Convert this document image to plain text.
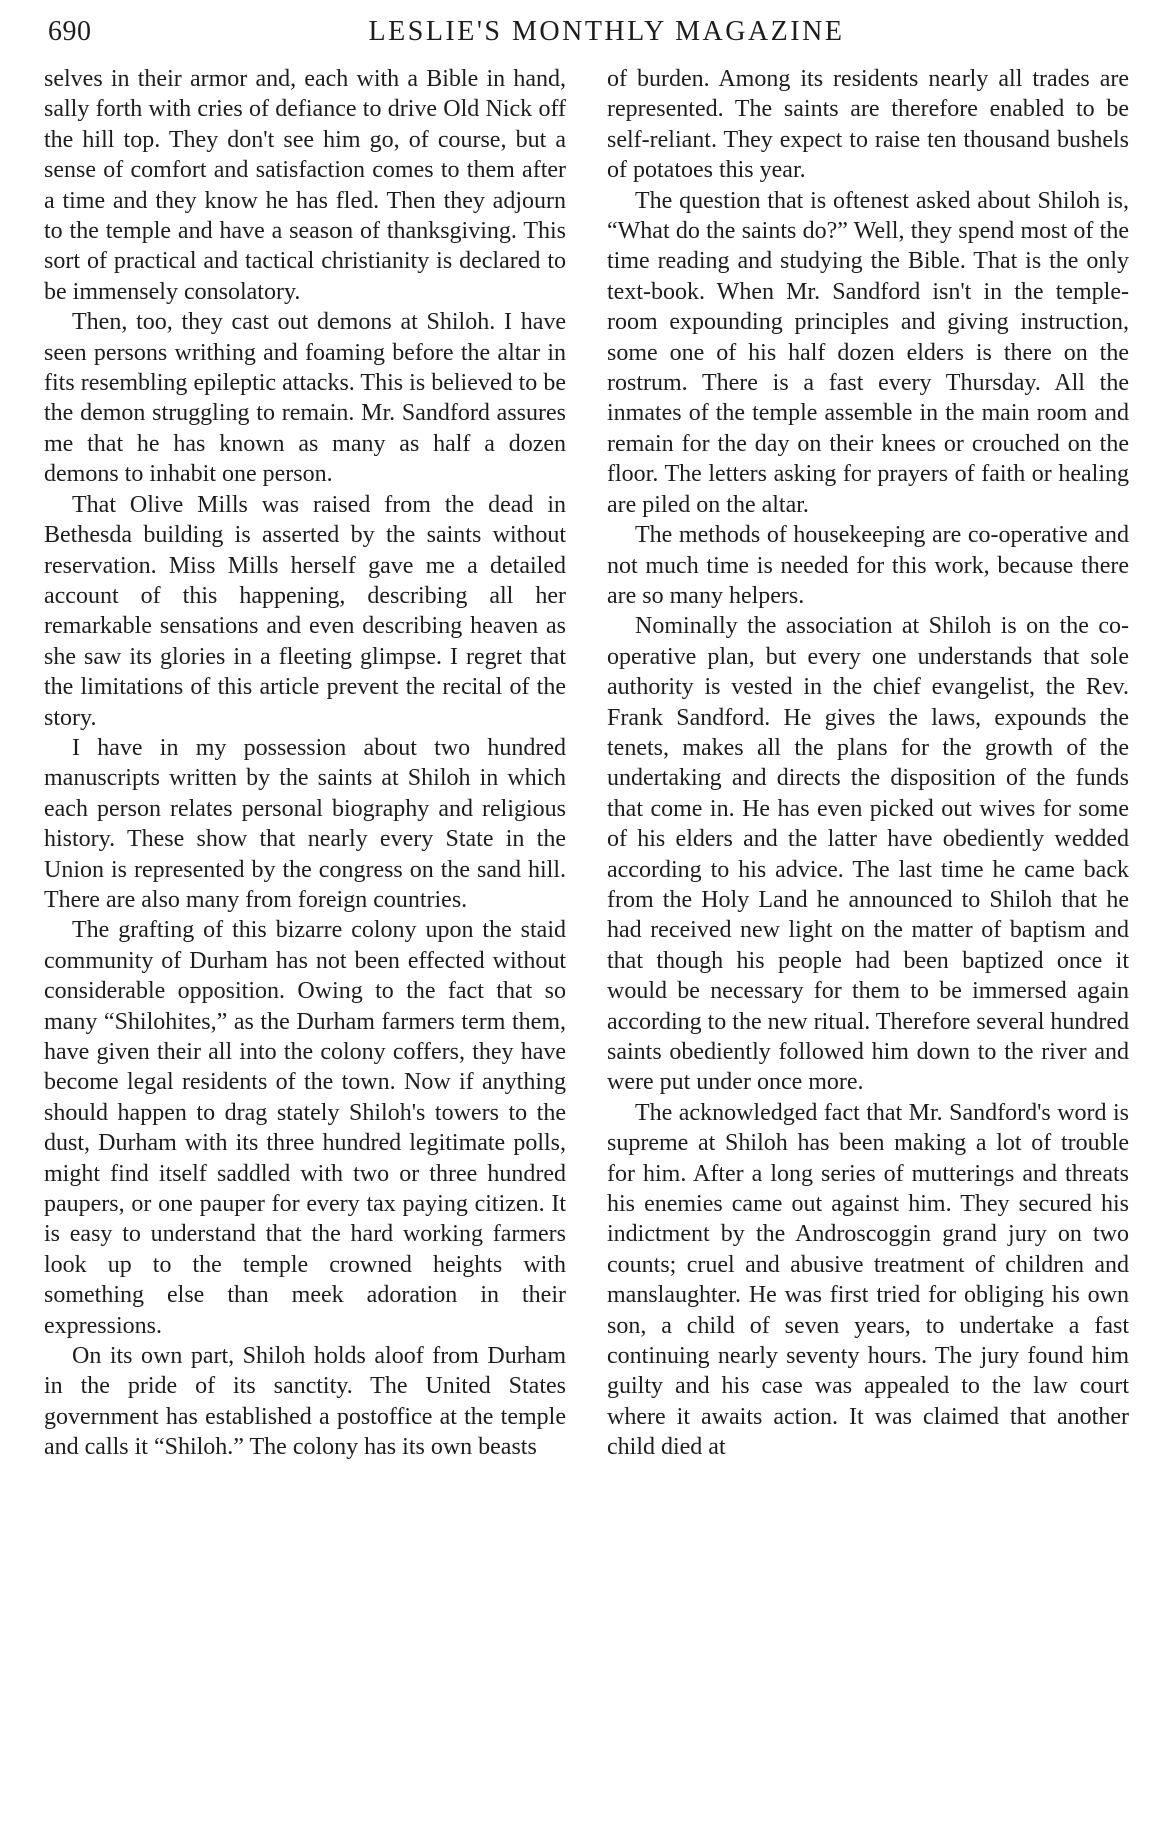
690	LESLIE'S MONTHLY MAGAZINE

selves in their armor and, each with a Bible in hand, sally forth with cries of defiance to drive Old Nick off the hill top. They don't see him go, of course, but a sense of comfort and satisfaction comes to them after a time and they know he has fled. Then they adjourn to the temple and have a season of thanksgiving. This sort of practical and tactical christianity is declared to be immensely consolatory.

Then, too, they cast out demons at Shiloh. I have seen persons writhing and foaming before the altar in fits resembling epileptic attacks. This is believed to be the demon struggling to remain. Mr. Sandford assures me that he has known as many as half a dozen demons to inhabit one person.

That Olive Mills was raised from the dead in Bethesda building is asserted by the saints without reservation. Miss Mills herself gave me a detailed account of this happening, describing all her remarkable sensations and even describing heaven as she saw its glories in a fleeting glimpse. I regret that the limitations of this article prevent the recital of the story.

I have in my possession about two hundred manuscripts written by the saints at Shiloh in which each person relates personal biography and religious history. These show that nearly every State in the Union is represented by the congress on the sand hill. There are also many from foreign countries.

The grafting of this bizarre colony upon the staid community of Durham has not been effected without considerable opposition. Owing to the fact that so many “Shilohites,” as the Durham farmers term them, have given their all into the colony coffers, they have become legal residents of the town. Now if anything should happen to drag stately Shiloh's towers to the dust, Durham with its three hundred legitimate polls, might find itself saddled with two or three hundred paupers, or one pauper for every tax paying citizen. It is easy to understand that the hard working farmers look up to the temple crowned heights with something else than meek adoration in their expressions.

On its own part, Shiloh holds aloof from Durham in the pride of its sanctity. The United States government has established a postoffice at the temple and calls it “Shiloh.” The colony has its own beasts

of burden. Among its residents nearly all trades are represented. The saints are therefore enabled to be self-reliant. They expect to raise ten thousand bushels of potatoes this year.

The question that is oftenest asked about Shiloh is, “What do the saints do?” Well, they spend most of the time reading and studying the Bible. That is the only text-book. When Mr. Sandford isn't in the temple-room expounding principles and giving instruction, some one of his half dozen elders is there on the rostrum. There is a fast every Thursday. All the inmates of the temple assemble in the main room and remain for the day on their knees or crouched on the floor. The letters asking for prayers of faith or healing are piled on the altar.

The methods of housekeeping are co-operative and not much time is needed for this work, because there are so many helpers.

Nominally the association at Shiloh is on the co-operative plan, but every one understands that sole authority is vested in the chief evangelist, the Rev. Frank Sandford. He gives the laws, expounds the tenets, makes all the plans for the growth of the undertaking and directs the disposition of the funds that come in. He has even picked out wives for some of his elders and the latter have obediently wedded according to his advice. The last time he came back from the Holy Land he announced to Shiloh that he had received new light on the matter of baptism and that though his people had been baptized once it would be necessary for them to be immersed again according to the new ritual. Therefore several hundred saints obediently followed him down to the river and were put under once more.

The acknowledged fact that Mr. Sandford's word is supreme at Shiloh has been making a lot of trouble for him. After a long series of mutterings and threats his enemies came out against him. They secured his indictment by the Androscoggin grand jury on two counts; cruel and abusive treatment of children and manslaughter. He was first tried for obliging his own son, a child of seven years, to undertake a fast continuing nearly seventy hours. The jury found him guilty and his case was appealed to the law court where it awaits action. It was claimed that another child died at
